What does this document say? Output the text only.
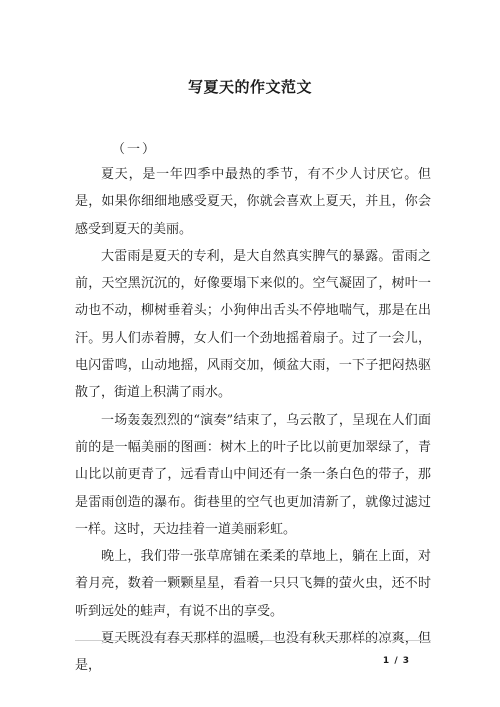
写夏天的作文范文
（一）

夏天，是一年四季中最热的季节，有不少人讨厌它。但是，如果你细细地感受夏天，你就会喜欢上夏天，并且，你会感受到夏天的美丽。

大雷雨是夏天的专利，是大自然真实脾气的暴露。雷雨之前，天空黑沉沉的，好像要塌下来似的。空气凝固了，树叶一动也不动，柳树垂着头；小狗伸出舌头不停地喘气，那是在出汗。男人们赤着膊，女人们一个劲地摇着扇子。过了一会儿，电闪雷鸣，山动地摇，风雨交加，倾盆大雨，一下子把闷热驱散了，街道上积满了雨水。

一场轰轰烈烈的“演奏”结束了，乌云散了，呈现在人们面前的是一幅美丽的图画：树木上的叶子比以前更加翠绿了，青山比以前更青了，远看青山中间还有一条一条白色的带子，那是雷雨创造的瀑布。街巷里的空气也更加清新了，就像过滤过一样。这时，天边挂着一道美丽彩虹。

晚上，我们带一张草席铺在柔柔的草地上，躺在上面，对着月亮，数着一颗颗星星，看着一只只飞舞的萤火虫，还不时听到远处的蛙声，有说不出的享受。

夏天既没有春天那样的温暖，也没有秋天那样的凉爽，但是，	1 / 3
